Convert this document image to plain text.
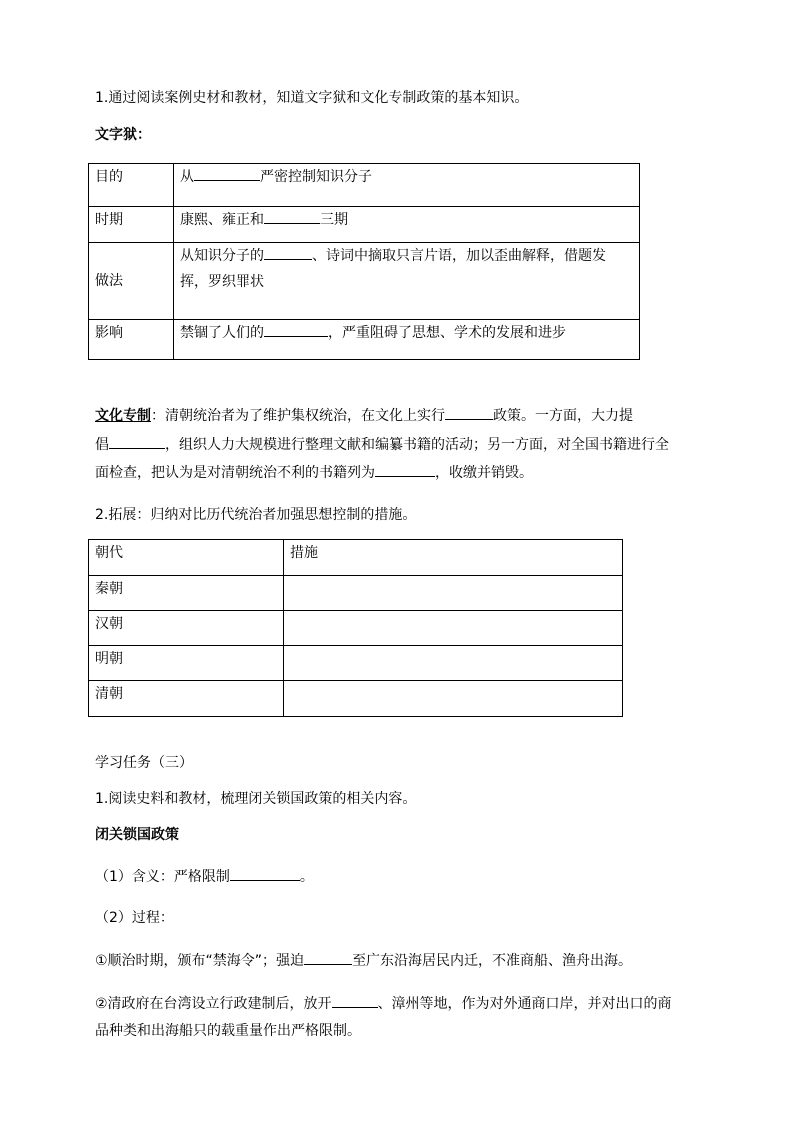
1.通过阅读案例史材和教材，知道文字狱和文化专制政策的基本知识。
文字狱：
目的	从 严密控制知识分子
时期	康熙、雍正和 三期
做法	从知识分子的 、诗词中摘取只言片语，加以歪曲解释，借题发
挥，罗织罪状
影响	禁锢了人们的 ，严重阻碍了思想、学术的发展和进步
文化专制：清朝统治者为了维护集权统治，在文化上实行	政策。一方面，大力提
倡	，组织人力大规模进行整理文献和编纂书籍的活动；另一方面，对全国书籍进行全
面检查，把认为是对清朝统治不利的书籍列为	，收缴并销毁。
2.拓展：归纳对比历代统治者加强思想控制的措施。
朝代	措施
秦朝	
汉朝	
明朝	
清朝	
学习任务（三）
1.阅读史料和教材，梳理闭关锁国政策的相关内容。
闭关锁国政策
（1）含义：严格限制	。
（2）过程：
①顺治时期，颁布“禁海令”；强迫	至广东沿海居民内迁，不准商船、渔舟出海。
②清政府在台湾设立行政建制后，放开	、漳州等地，作为对外通商口岸，并对出口的商
品种类和出海船只的载重量作出严格限制。
